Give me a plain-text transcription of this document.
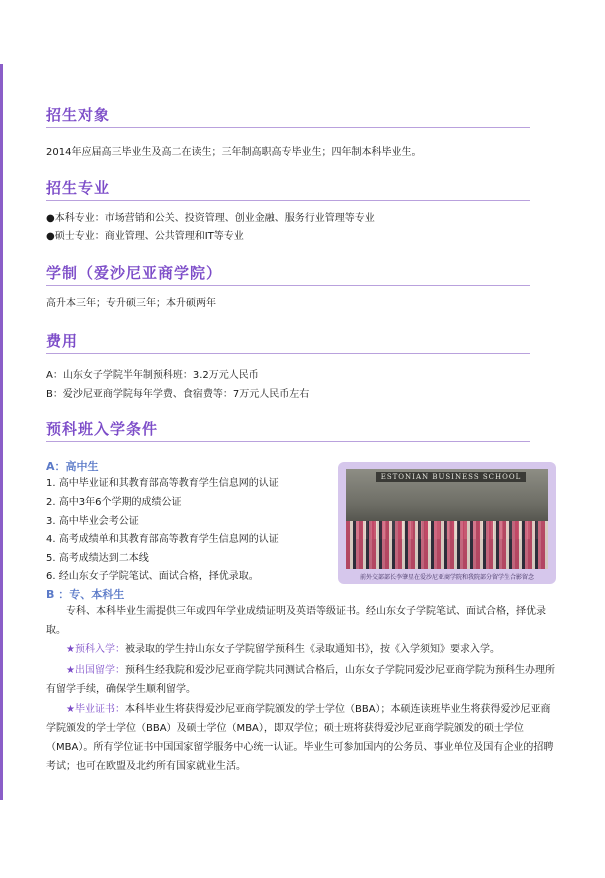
招生对象
2014年应届高三毕业生及高二在读生；三年制高职高专毕业生；四年制本科毕业生。
招生专业
●本科专业：市场营销和公关、投资管理、创业金融、服务行业管理等专业
●硕士专业：商业管理、公共管理和IT等专业
学制（爱沙尼亚商学院）
高升本三年；专升硕三年；本升硕两年
费用
A：山东女子学院半年制预科班：3.2万元人民币
B：爱沙尼亚商学院每年学费、食宿费等：7万元人民币左右
预科班入学条件
A：高中生
1. 高中毕业证和其教育部高等教育学生信息网的认证
2. 高中3年6个学期的成绩公证
3. 高中毕业会考公证
4. 高考成绩单和其教育部高等教育学生信息网的认证
5. 高考成绩达到二本线
6. 经山东女子学院笔试、面试合格，择优录取。
B ：专、本科生
专科、本科毕业生需提供三年或四年学业成绩证明及英语等级证书。经山东女子学院笔试、面试合格，择优录取。
★预科入学：被录取的学生持山东女子学院留学预科生《录取通知书》，按《入学须知》要求入学。
★出国留学：预科生经我院和爱沙尼亚商学院共同测试合格后，山东女子学院同爱沙尼亚商学院为预科生办理所有留学手续，确保学生顺利留学。
★毕业证书：本科毕业生将获得爱沙尼亚商学院颁发的学士学位（BBA）；本硕连读班毕业生将获得爱沙尼亚商学院颁发的学士学位（BBA）及硕士学位（MBA），即双学位；硕士班将获得爱沙尼亚商学院颁发的硕士学位（MBA）。所有学位证书中国国家留学服务中心统一认证。毕业生可参加国内的公务员、事业单位及国有企业的招聘考试；也可在欧盟及北约所有国家就业生活。
ESTONIAN BUSINESS SCHOOL
前外交部部长李肇星在爱沙尼亚商学院和我院部分留学生合影留念
